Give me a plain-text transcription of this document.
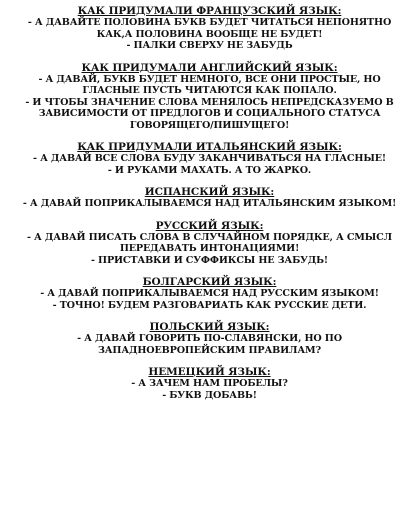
КАК ПРИДУМАЛИ ФРАНЦУЗСКИЙ ЯЗЫК:
- А ДАВАЙТЕ ПОЛОВИНА БУКВ БУДЕТ ЧИТАТЬСЯ НЕПОНЯТНО
КАК,А ПОЛОВИНА ВООБЩЕ НЕ БУДЕТ!
- ПАЛКИ СВЕРХУ НЕ ЗАБУДЬ
КАК ПРИДУМАЛИ АНГЛИЙСКИЙ ЯЗЫК:
- А ДАВАЙ, БУКВ БУДЕТ НЕМНОГО, ВСЕ ОНИ ПРОСТЫЕ, НО
ГЛАСНЫЕ ПУСТЬ ЧИТАЮТСЯ КАК ПОПАЛО.
- И ЧТОБЫ ЗНАЧЕНИЕ СЛОВА МЕНЯЛОСЬ НЕПРЕДСКАЗУЕМО В
ЗАВИСИМОСТИ ОТ ПРЕДЛОГОВ И СОЦИАЛЬНОГО СТАТУСА
ГОВОРЯЩЕГО/ПИШУЩЕГО!
КАК ПРИДУМАЛИ ИТАЛЬЯНСКИЙ ЯЗЫК:
- А ДАВАЙ ВСЕ СЛОВА БУДУ ЗАКАНЧИВАТЬСЯ НА ГЛАСНЫЕ!
- И РУКАМИ МАХАТЬ. А ТО ЖАРКО.
ИСПАНСКИЙ ЯЗЫК:
- А ДАВАЙ ПОПРИКАЛЫВАЕМСЯ НАД ИТАЛЬЯНСКИМ ЯЗЫКОМ!
РУССКИЙ ЯЗЫК:
- А ДАВАЙ ПИСАТЬ СЛОВА В СЛУЧАЙНОМ ПОРЯДКЕ, А СМЫСЛ
ПЕРЕДАВАТЬ ИНТОНАЦИЯМИ!
- ПРИСТАВКИ И СУФФИКСЫ НЕ ЗАБУДЬ!
БОЛГАРСКИЙ ЯЗЫК:
- А ДАВАЙ ПОПРИКАЛЫВАЕМСЯ НАД РУССКИМ ЯЗЫКОМ!
- ТОЧНО! БУДЕМ РАЗГОВАРИАТЬ КАК РУССКИЕ ДЕТИ.
ПОЛЬСКИЙ ЯЗЫК:
- А ДАВАЙ ГОВОРИТЬ ПО-СЛАВЯНСКИ, НО ПО
ЗАПАДНОЕВРОПЕЙСКИМ ПРАВИЛАМ?
НЕМЕЦКИЙ ЯЗЫК:
- А ЗАЧЕМ НАМ ПРОБЕЛЫ?
- БУКВ ДОБАВЬ!
